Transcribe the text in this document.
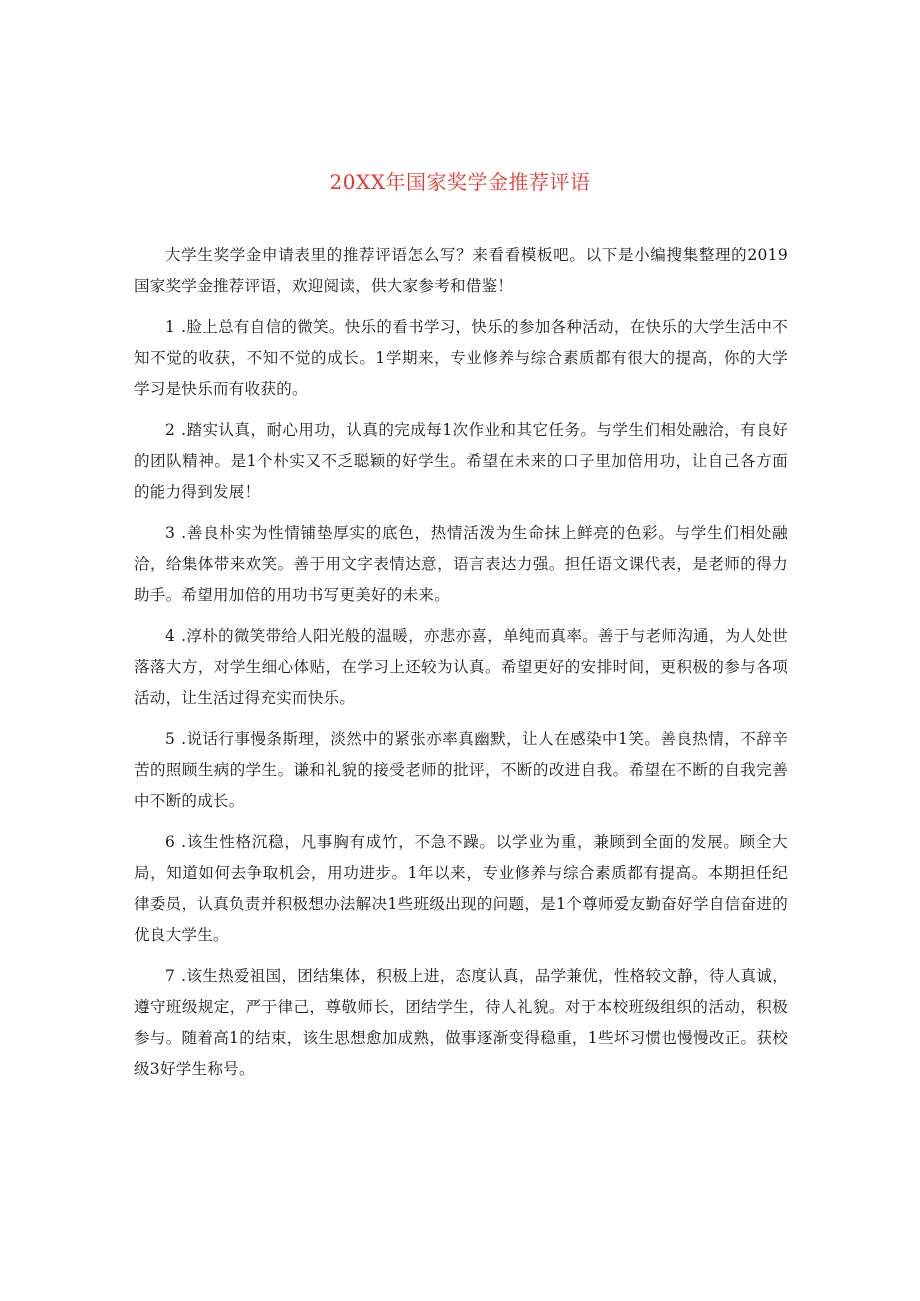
20XX年国家奖学金推荐评语

大学生奖学金申请表里的推荐评语怎么写？来看看模板吧。以下是小编搜集整理的2019国家奖学金推荐评语，欢迎阅读，供大家参考和借鉴！

1 .脸上总有自信的微笑。快乐的看书学习，快乐的参加各种活动，在快乐的大学生活中不知不觉的收获，不知不觉的成长。1学期来，专业修养与综合素质都有很大的提高，你的大学学习是快乐而有收获的。

2 .踏实认真，耐心用功，认真的完成每1次作业和其它任务。与学生们相处融洽，有良好的团队精神。是1个朴实又不乏聪颖的好学生。希望在未来的口子里加倍用功，让自己各方面的能力得到发展！

3 .善良朴实为性情铺垫厚实的底色，热情活泼为生命抹上鲜亮的色彩。与学生们相处融洽，给集体带来欢笑。善于用文字表情达意，语言表达力强。担任语文课代表，是老师的得力助手。希望用加倍的用功书写更美好的未来。

4 .淳朴的微笑带给人阳光般的温暖，亦悲亦喜，单纯而真率。善于与老师沟通，为人处世落落大方，对学生细心体贴，在学习上还较为认真。希望更好的安排时间，更积极的参与各项活动，让生活过得充实而快乐。

5 .说话行事慢条斯理，淡然中的紧张亦率真幽默，让人在感染中1笑。善良热情，不辞辛苦的照顾生病的学生。谦和礼貌的接受老师的批评，不断的改进自我。希望在不断的自我完善中不断的成长。

6 .该生性格沉稳，凡事胸有成竹，不急不躁。以学业为重，兼顾到全面的发展。顾全大局，知道如何去争取机会，用功进步。1年以来，专业修养与综合素质都有提高。本期担任纪律委员，认真负责并积极想办法解决1些班级出现的问题，是1个尊师爱友勤奋好学自信奋进的优良大学生。

7 .该生热爱祖国，团结集体，积极上进，态度认真，品学兼优，性格较文静，待人真诚，遵守班级规定，严于律己，尊敬师长，团结学生，待人礼貌。对于本校班级组织的活动，积极参与。随着高1的结束，该生思想愈加成熟，做事逐渐变得稳重，1些坏习惯也慢慢改正。获校级3好学生称号。
